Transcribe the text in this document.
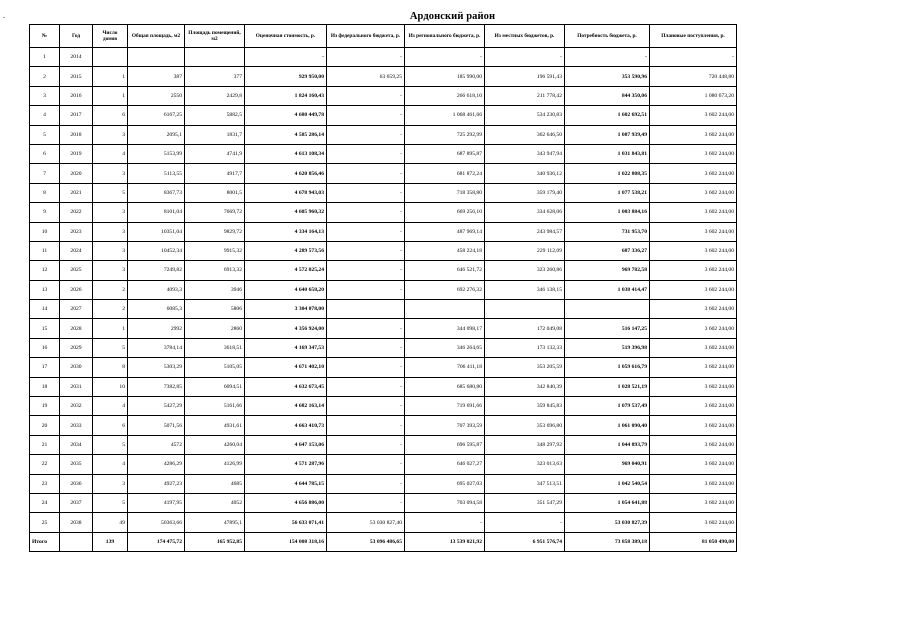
.	Ардонский район
№	Год	Число домов	Общая площадь, м2	Площадь помещений, м2	Оценочная стоимость, р.	Из федерального бюджета, р.	Из регионального бюджета, р.	Из местных бюджетов, р.	Потребность бюджета, р.	Плановые поступления, р.
1	2014				-	-	-	-	-	-
2	2015	1	387	377	929 950,00	63 659,25	185 990,00	196 591,43	353 590,96	720 448,80
3	2016	1	2550	2429,8	1 824 160,43	-	266 618,10	211 778,42	844 350,06	1 080 673,20
4	2017	6	6167,25	5882,5	4 680 449,78	-	1 068 461,66	534 230,83	1 602 692,51	3 602 244,00
5	2018	3	2095,1	1831,7	4 585 286,14	-	725 292,99	362 646,50	1 087 939,49	3 602 244,00
6	2019	4	5153,99	4741,9	4 613 108,34	-	687 895,87	343 947,94	1 031 843,81	3 602 244,00
7	2020	3	5113,55	4917,7	4 620 856,46	-	681 872,24	340 936,12	1 022 808,35	3 602 244,00
8	2021	5	8367,73	8001,5	4 678 943,03	-	718 358,80	359 179,40	1 077 538,21	3 602 244,00
9	2022	3	8101,04	7669,72	4 605 960,32	-	669 256,10	334 628,06	1 003 884,16	3 602 244,00
10	2023	3	10351,04	9829,72	4 334 164,13	-	487 969,14	243 984,57	731 953,70	3 602 244,00
11	2024	3	10452,34	9915,32	4 289 573,56	-	458 224,18	229 112,09	687 336,27	3 602 244,00
12	2025	3	7249,82	6913,32	4 572 025,24	-	646 521,72	323 260,86	969 782,58	3 602 244,00
13	2026	2	4093,3	3946	4 640 658,20	-	692 276,32	346 138,15	1 038 414,47	3 602 244,00
14	2027	2	6085,3	5806	3 304 078,00					3 602 244,00
15	2028	1	2992	2860	4 356 924,00	-	344 098,17	172 049,08	516 147,25	3 602 244,00
16	2029	5	3784,14	3618,51	4 169 347,53	-	346 264,65	173 132,33	519 396,98	3 602 244,00
17	2030	8	5303,29	5105,05	4 671 402,10	-	706 411,18	353 205,59	1 059 616,79	3 602 244,00
18	2031	10	7382,85	6094,51	4 632 673,45	-	685 680,80	342 840,39	1 028 521,19	3 602 244,00
19	2032	4	5427,29	5161,66	4 682 163,14	-	719 691,66	359 845,83	1 079 537,49	3 602 244,00
20	2033	6	5071,56	4931,61	4 663 410,73	-	707 393,59	353 696,80	1 061 090,40	3 602 244,00
21	2034	5	4572	4260,04	4 647 153,06	-	696 595,87	348 297,92	1 044 893,79	3 602 244,00
22	2035	4	4286,29	4126,99	4 571 287,96	-	646 027,27	323 013,63	969 040,91	3 602 244,00
23	2036	3	4927,23	4685	4 644 785,15	-	695 027,03	347 513,51	1 042 540,54	3 602 244,00
24	2037	5	4197,95	4052	4 656 886,00	-	703 094,58	351 547,29	1 054 641,88	3 602 244,00
25	2038	49	50363,66	47895,1	56 633 071,41	53 030 827,40	-	-	53 030 827,39	3 602 244,00
Итого		139	174 475,72	165 952,85	154 008 318,16	53 096 486,65	13 539 021,92	6 951 576,74	73 858 389,18	81 050 490,00
